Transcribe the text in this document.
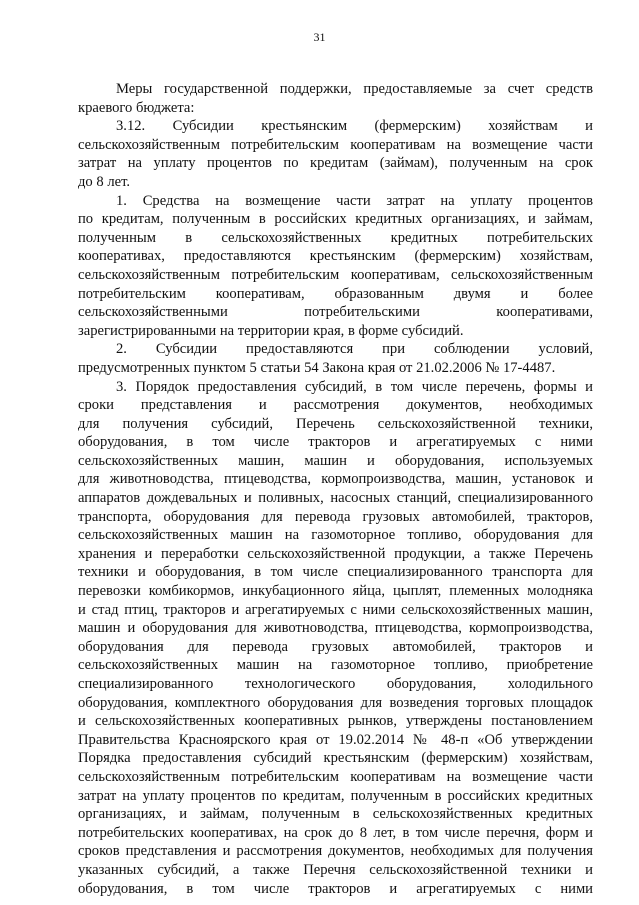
31
Меры государственной поддержки, предоставляемые за счет средств
краевого бюджета:
3.12. Субсидии крестьянским (фермерским) хозяйствам и
сельскохозяйственным потребительским кооперативам на возмещение части
затрат на уплату процентов по кредитам (займам), полученным на срок
до 8 лет.
1. Средства на возмещение части затрат на уплату процентов
по кредитам, полученным в российских кредитных организациях, и займам,
полученным в сельскохозяйственных кредитных потребительских
кооперативах, предоставляются крестьянским (фермерским) хозяйствам,
сельскохозяйственным потребительским кооперативам, сельскохозяйственным
потребительским кооперативам, образованным двумя и более
сельскохозяйственными потребительскими кооперативами,
зарегистрированными на территории края, в форме субсидий.
2. Субсидии предоставляются при соблюдении условий,
предусмотренных пунктом 5 статьи 54 Закона края от 21.02.2006 № 17-4487.
3. Порядок предоставления субсидий, в том числе перечень, формы и
сроки представления и рассмотрения документов, необходимых
для получения субсидий, Перечень сельскохозяйственной техники,
оборудования, в том числе тракторов и агрегатируемых с ними
сельскохозяйственных машин, машин и оборудования, используемых
для животноводства, птицеводства, кормопроизводства, машин, установок и
аппаратов дождевальных и поливных, насосных станций, специализированного
транспорта, оборудования для перевода грузовых автомобилей, тракторов,
сельскохозяйственных машин на газомоторное топливо, оборудования для
хранения и переработки сельскохозяйственной продукции, а также Перечень
техники и оборудования, в том числе специализированного транспорта для
перевозки комбикормов, инкубационного яйца, цыплят, племенных молодняка
и стад птиц, тракторов и агрегатируемых с ними сельскохозяйственных машин,
машин и оборудования для животноводства, птицеводства, кормопроизводства,
оборудования для перевода грузовых автомобилей, тракторов и
сельскохозяйственных машин на газомоторное топливо, приобретение
специализированного технологического оборудования, холодильного
оборудования, комплектного оборудования для возведения торговых площадок
и сельскохозяйственных кооперативных рынков, утверждены постановлением
Правительства Красноярского края от 19.02.2014 № 48-п «Об утверждении
Порядка предоставления субсидий крестьянским (фермерским) хозяйствам,
сельскохозяйственным потребительским кооперативам на возмещение части
затрат на уплату процентов по кредитам, полученным в российских кредитных
организациях, и займам, полученным в сельскохозяйственных кредитных
потребительских кооперативах, на срок до 8 лет, в том числе перечня, форм и
сроков представления и рассмотрения документов, необходимых для получения
указанных субсидий, а также Перечня сельскохозяйственной техники и
оборудования, в том числе тракторов и агрегатируемых с ними
